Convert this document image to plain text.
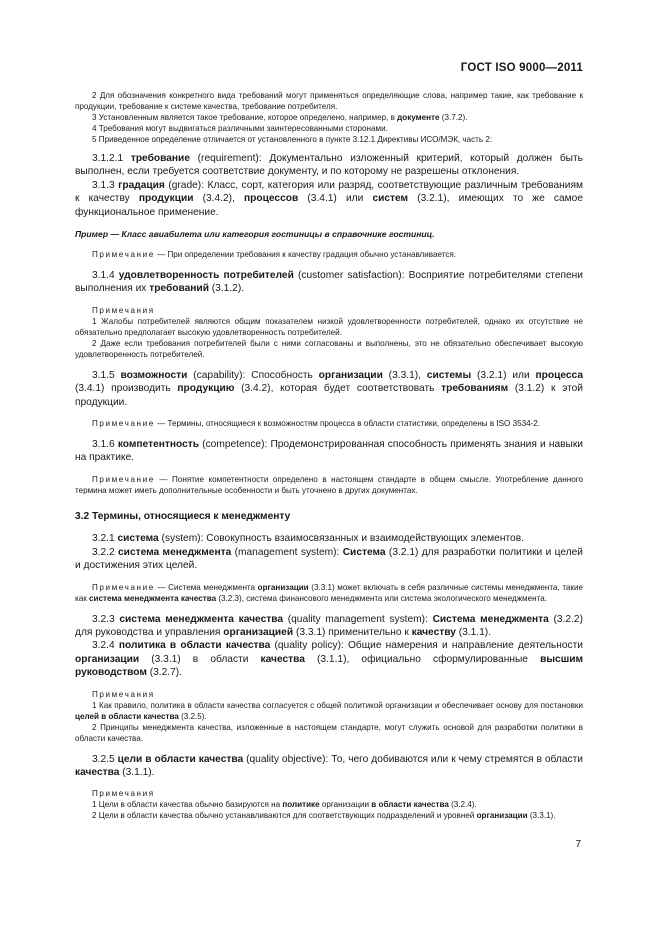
ГОСТ ISO 9000—2011

2 Для обозначения конкретного вида требований могут применяться определяющие слова, например такие, как требование к продукции, требование к системе качества, требование потребителя.

3 Установленным является такое требование, которое определено, например, в документе (3.7.2).

4 Требования могут выдвигаться различными заинтересованными сторонами.

5 Приведенное определение отличается от установленного в пункте 3.12.1 Директивы ИСО/МЭК, часть 2:

3.1.2.1 требование (requirement): Документально изложенный критерий, который должен быть выполнен, если требуется соответствие документу, и по которому не разрешены отклонения.

3.1.3 градация (grade): Класс, сорт, категория или разряд, соответствующие различным требованиям к качеству продукции (3.4.2), процессов (3.4.1) или систем (3.2.1), имеющих то же самое функциональное применение.

Пример — Класс авиабилета или категория гостиницы в справочнике гостиниц.

Примечание — При определении требования к качеству градация обычно устанавливается.

3.1.4 удовлетворенность потребителей (customer satisfaction): Восприятие потребителями степени выполнения их требований (3.1.2).

Примечания

1 Жалобы потребителей являются общим показателем низкой удовлетворенности потребителей, однако их отсутствие не обязательно предполагает высокую удовлетворенность потребителей.

2 Даже если требования потребителей были с ними согласованы и выполнены, это не обязательно обеспечивает высокую удовлетворенность потребителей.

3.1.5 возможности (capability): Способность организации (3.3.1), системы (3.2.1) или процесса (3.4.1) производить продукцию (3.4.2), которая будет соответствовать требованиям (3.1.2) к этой продукции.

Примечание — Термины, относящиеся к возможностям процесса в области статистики, определены в ISO 3534-2.

3.1.6 компетентность (competence): Продемонстрированная способность применять знания и навыки на практике.

Примечание — Понятие компетентности определено в настоящем стандарте в общем смысле. Употребление данного термина может иметь дополнительные особенности и быть уточнено в других документах.

3.2 Термины, относящиеся к менеджменту

3.2.1 система (system): Совокупность взаимосвязанных и взаимодействующих элементов.

3.2.2 система менеджмента (management system): Система (3.2.1) для разработки политики и целей и достижения этих целей.

Примечание — Система менеджмента организации (3.3.1) может включать в себя различные системы менеджмента, такие как система менеджмента качества (3.2.3), система финансового менеджмента или система экологического менеджмента.

3.2.3 система менеджмента качества (quality management system): Система менеджмента (3.2.2) для руководства и управления организацией (3.3.1) применительно к качеству (3.1.1).

3.2.4 политика в области качества (quality policy): Общие намерения и направление деятельности организации (3.3.1) в области качества (3.1.1), официально сформулированные высшим руководством (3.2.7).

Примечания

1 Как правило, политика в области качества согласуется с общей политикой организации и обеспечивает основу для постановки целей в области качества (3.2.5).

2 Принципы менеджмента качества, изложенные в настоящем стандарте, могут служить основой для разработки политики в области качества.

3.2.5 цели в области качества (quality objective): То, чего добиваются или к чему стремятся в области качества (3.1.1).

Примечания

1 Цели в области качества обычно базируются на политике организации в области качества (3.2.4).

2 Цели в области качества обычно устанавливаются для соответствующих подразделений и уровней организации (3.3.1).

7
